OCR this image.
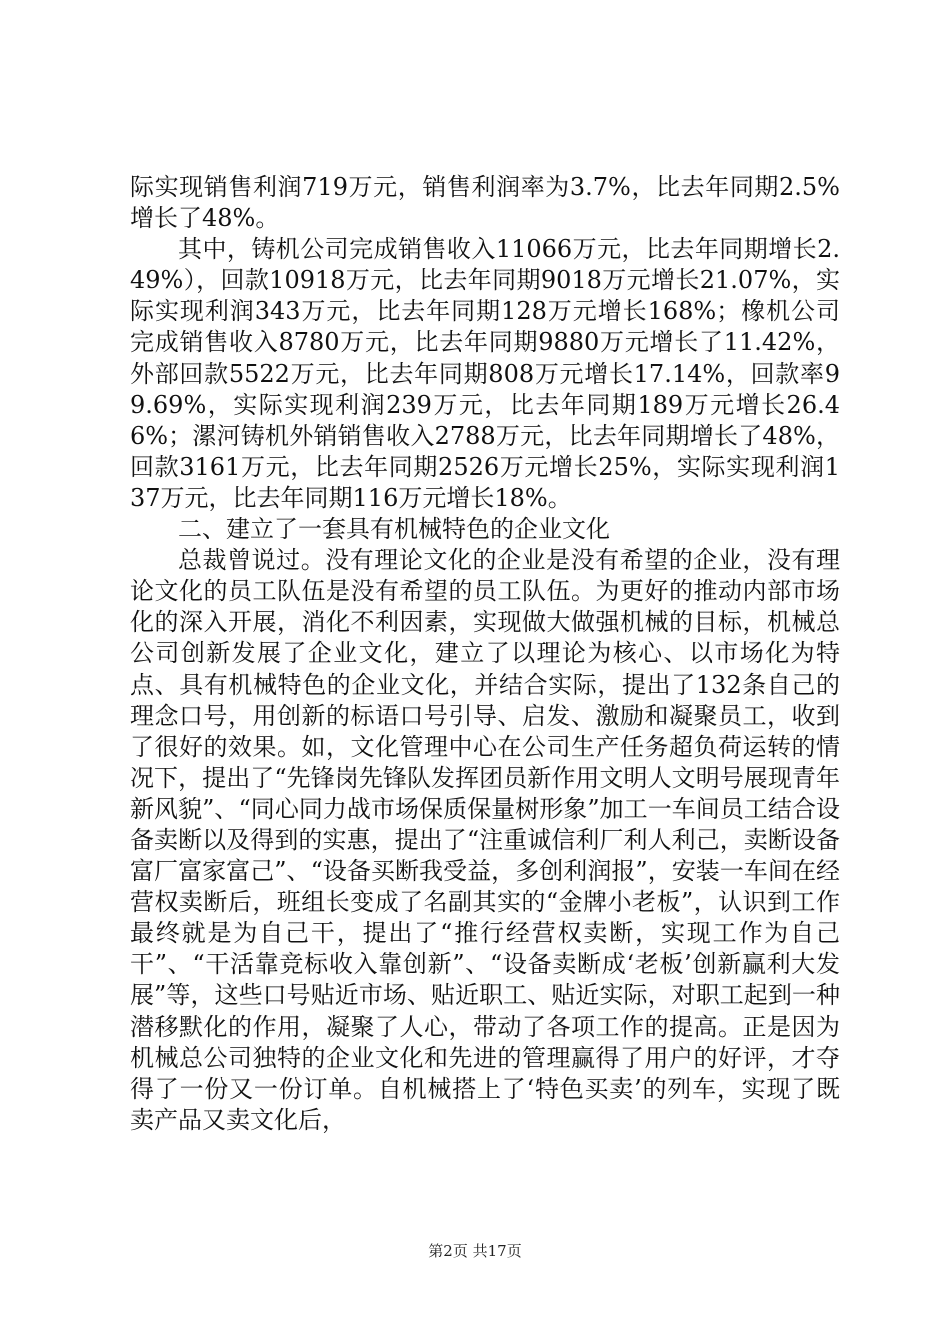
际实现销售利润719万元，销售利润率为3.7%，比去年同期2.5%增长了48%。

其中，铸机公司完成销售收入11066万元，比去年同期增长2.49%），回款10918万元，比去年同期9018万元增长21.07%，实际实现利润343万元，比去年同期128万元增长168%；橡机公司完成销售收入8780万元，比去年同期9880万元增长了11.42%，外部回款5522万元，比去年同期808万元增长17.14%，回款率99.69%，实际实现利润239万元，比去年同期189万元增长26.46%；漯河铸机外销销售收入2788万元，比去年同期增长了48%，回款3161万元，比去年同期2526万元增长25%，实际实现利润137万元，比去年同期116万元增长18%。

二、建立了一套具有机械特色的企业文化

总裁曾说过。没有理论文化的企业是没有希望的企业，没有理论文化的员工队伍是没有希望的员工队伍。为更好的推动内部市场化的深入开展，消化不利因素，实现做大做强机械的目标，机械总公司创新发展了企业文化，建立了以理论为核心、以市场化为特点、具有机械特色的企业文化，并结合实际，提出了132条自己的理念口号，用创新的标语口号引导、启发、激励和凝聚员工，收到了很好的效果。如，文化管理中心在公司生产任务超负荷运转的情况下，提出了“先锋岗先锋队发挥团员新作用文明人文明号展现青年新风貌”、“同心同力战市场保质保量树形象”加工一车间员工结合设备卖断以及得到的实惠，提出了“注重诚信利厂利人利己，卖断设备富厂富家富己”、“设备买断我受益，多创利润报”，安装一车间在经营权卖断后，班组长变成了名副其实的“金牌小老板”，认识到工作最终就是为自己干，提出了“推行经营权卖断，实现工作为自己干”、“干活靠竞标收入靠创新”、“设备卖断成‘老板’创新赢利大发展”等，这些口号贴近市场、贴近职工、贴近实际，对职工起到一种潜移默化的作用，凝聚了人心，带动了各项工作的提高。正是因为机械总公司独特的企业文化和先进的管理赢得了用户的好评，才夺得了一份又一份订单。自机械搭上了‘特色买卖’的列车，实现了既卖产品又卖文化后，

第2页 共17页
